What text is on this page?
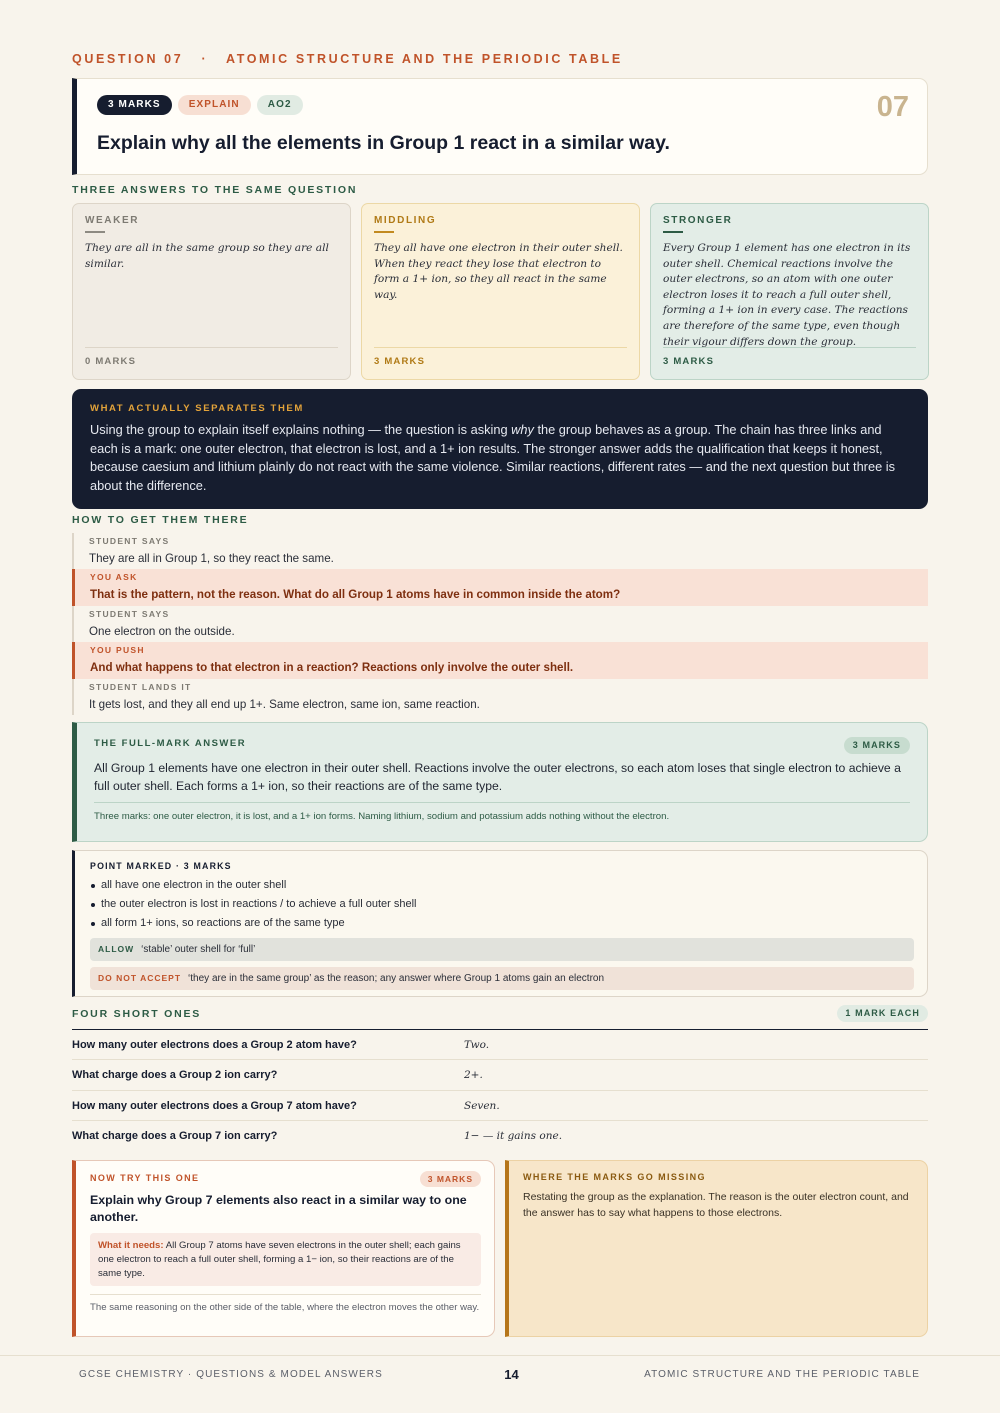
QUESTION 07 · ATOMIC STRUCTURE AND THE PERIODIC TABLE
3 MARKS	EXPLAIN	AO2
Explain why all the elements in Group 1 react in a similar way.
07
THREE ANSWERS TO THE SAME QUESTION
WEAKER
They are all in the same group so they are all similar.
0 MARKS
MIDDLING
They all have one electron in their outer shell. When they react they lose that electron to form a 1+ ion, so they all react in the same way.
3 MARKS
STRONGER
Every Group 1 element has one electron in its outer shell. Chemical reactions involve the outer electrons, so an atom with one outer electron loses it to reach a full outer shell, forming a 1+ ion in every case. The reactions are therefore of the same type, even though their vigour differs down the group.
3 MARKS
WHAT ACTUALLY SEPARATES THEM
Using the group to explain itself explains nothing — the question is asking why the group behaves as a group. The chain has three links and each is a mark: one outer electron, that electron is lost, and a 1+ ion results. The stronger answer adds the qualification that keeps it honest, because caesium and lithium plainly do not react with the same violence. Similar reactions, different rates — and the next question but three is about the difference.
HOW TO GET THEM THERE
STUDENT SAYS
They are all in Group 1, so they react the same.
YOU ASK
That is the pattern, not the reason. What do all Group 1 atoms have in common inside the atom?
STUDENT SAYS
One electron on the outside.
YOU PUSH
And what happens to that electron in a reaction? Reactions only involve the outer shell.
STUDENT LANDS IT
It gets lost, and they all end up 1+. Same electron, same ion, same reaction.
THE FULL-MARK ANSWER	3 MARKS
All Group 1 elements have one electron in their outer shell. Reactions involve the outer electrons, so each atom loses that single electron to achieve a full outer shell. Each forms a 1+ ion, so their reactions are of the same type.
Three marks: one outer electron, it is lost, and a 1+ ion forms. Naming lithium, sodium and potassium adds nothing without the electron.
POINT MARKED · 3 MARKS
all have one electron in the outer shell
the outer electron is lost in reactions / to achieve a full outer shell
all form 1+ ions, so reactions are of the same type
ALLOW ‘stable’ outer shell for ‘full’
DO NOT ACCEPT ‘they are in the same group’ as the reason; any answer where Group 1 atoms gain an electron
FOUR SHORT ONES	1 MARK EACH
How many outer electrons does a Group 2 atom have?	Two.
What charge does a Group 2 ion carry?	2+.
How many outer electrons does a Group 7 atom have?	Seven.
What charge does a Group 7 ion carry?	1− — it gains one.
NOW TRY THIS ONE	3 MARKS
Explain why Group 7 elements also react in a similar way to one another.
What it needs: All Group 7 atoms have seven electrons in the outer shell; each gains one electron to reach a full outer shell, forming a 1− ion, so their reactions are of the same type.
The same reasoning on the other side of the table, where the electron moves the other way.
WHERE THE MARKS GO MISSING
Restating the group as the explanation. The reason is the outer electron count, and the answer has to say what happens to those electrons.
GCSE CHEMISTRY · QUESTIONS & MODEL ANSWERS	14	ATOMIC STRUCTURE AND THE PERIODIC TABLE
